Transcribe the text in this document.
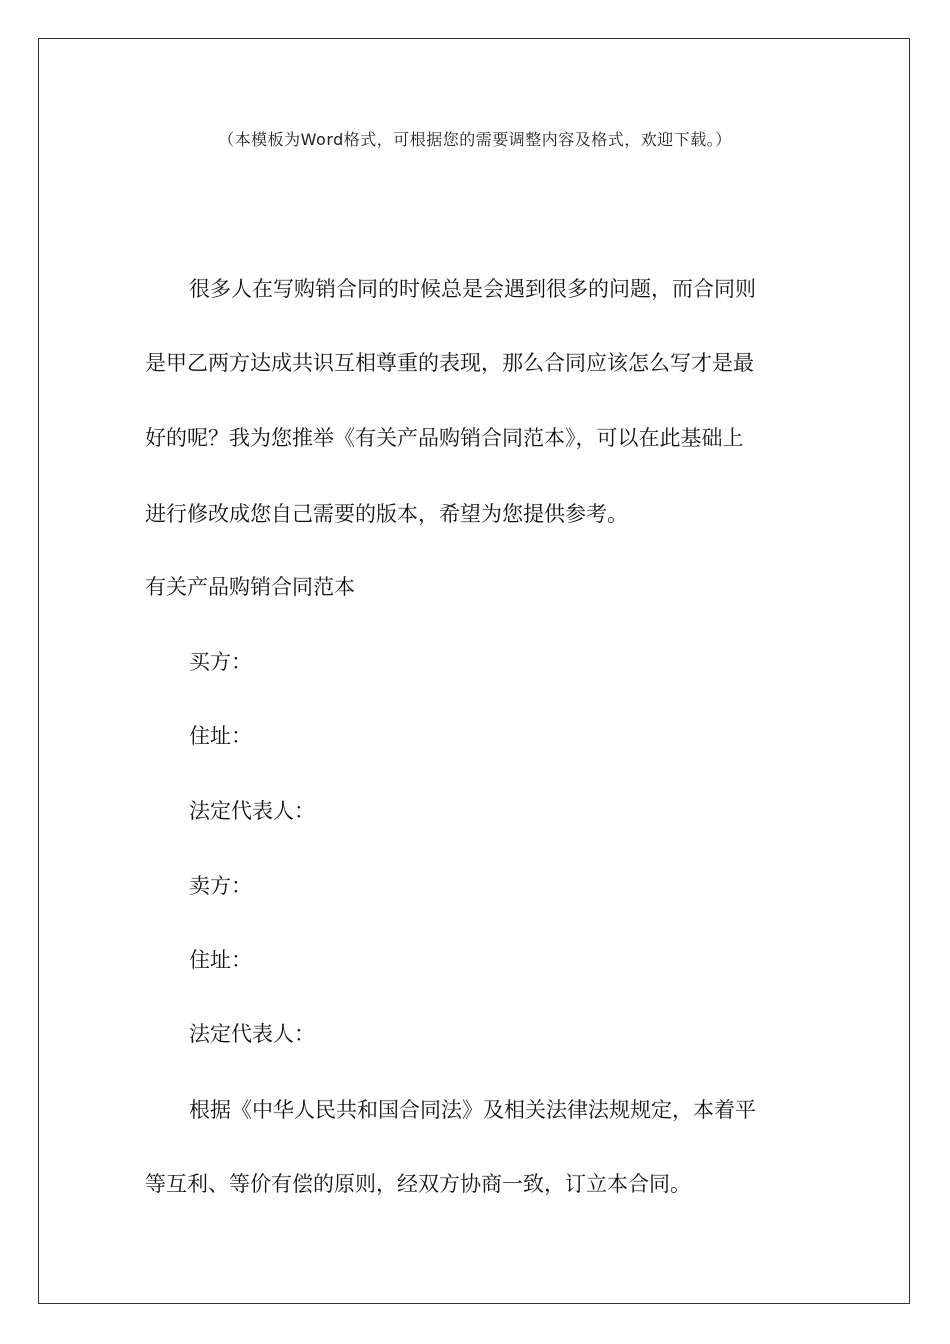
（本模板为Word格式，可根据您的需要调整内容及格式，欢迎下载。）
很多人在写购销合同的时候总是会遇到很多的问题，而合同则
是甲乙两方达成共识互相尊重的表现，那么合同应该怎么写才是最
好的呢？我为您推举《有关产品购销合同范本》，可以在此基础上
进行修改成您自己需要的版本，希望为您提供参考。
有关产品购销合同范本
买方：
住址：
法定代表人：
卖方：
住址：
法定代表人：
根据《中华人民共和国合同法》及相关法律法规规定，本着平
等互利、等价有偿的原则，经双方协商一致，订立本合同。
